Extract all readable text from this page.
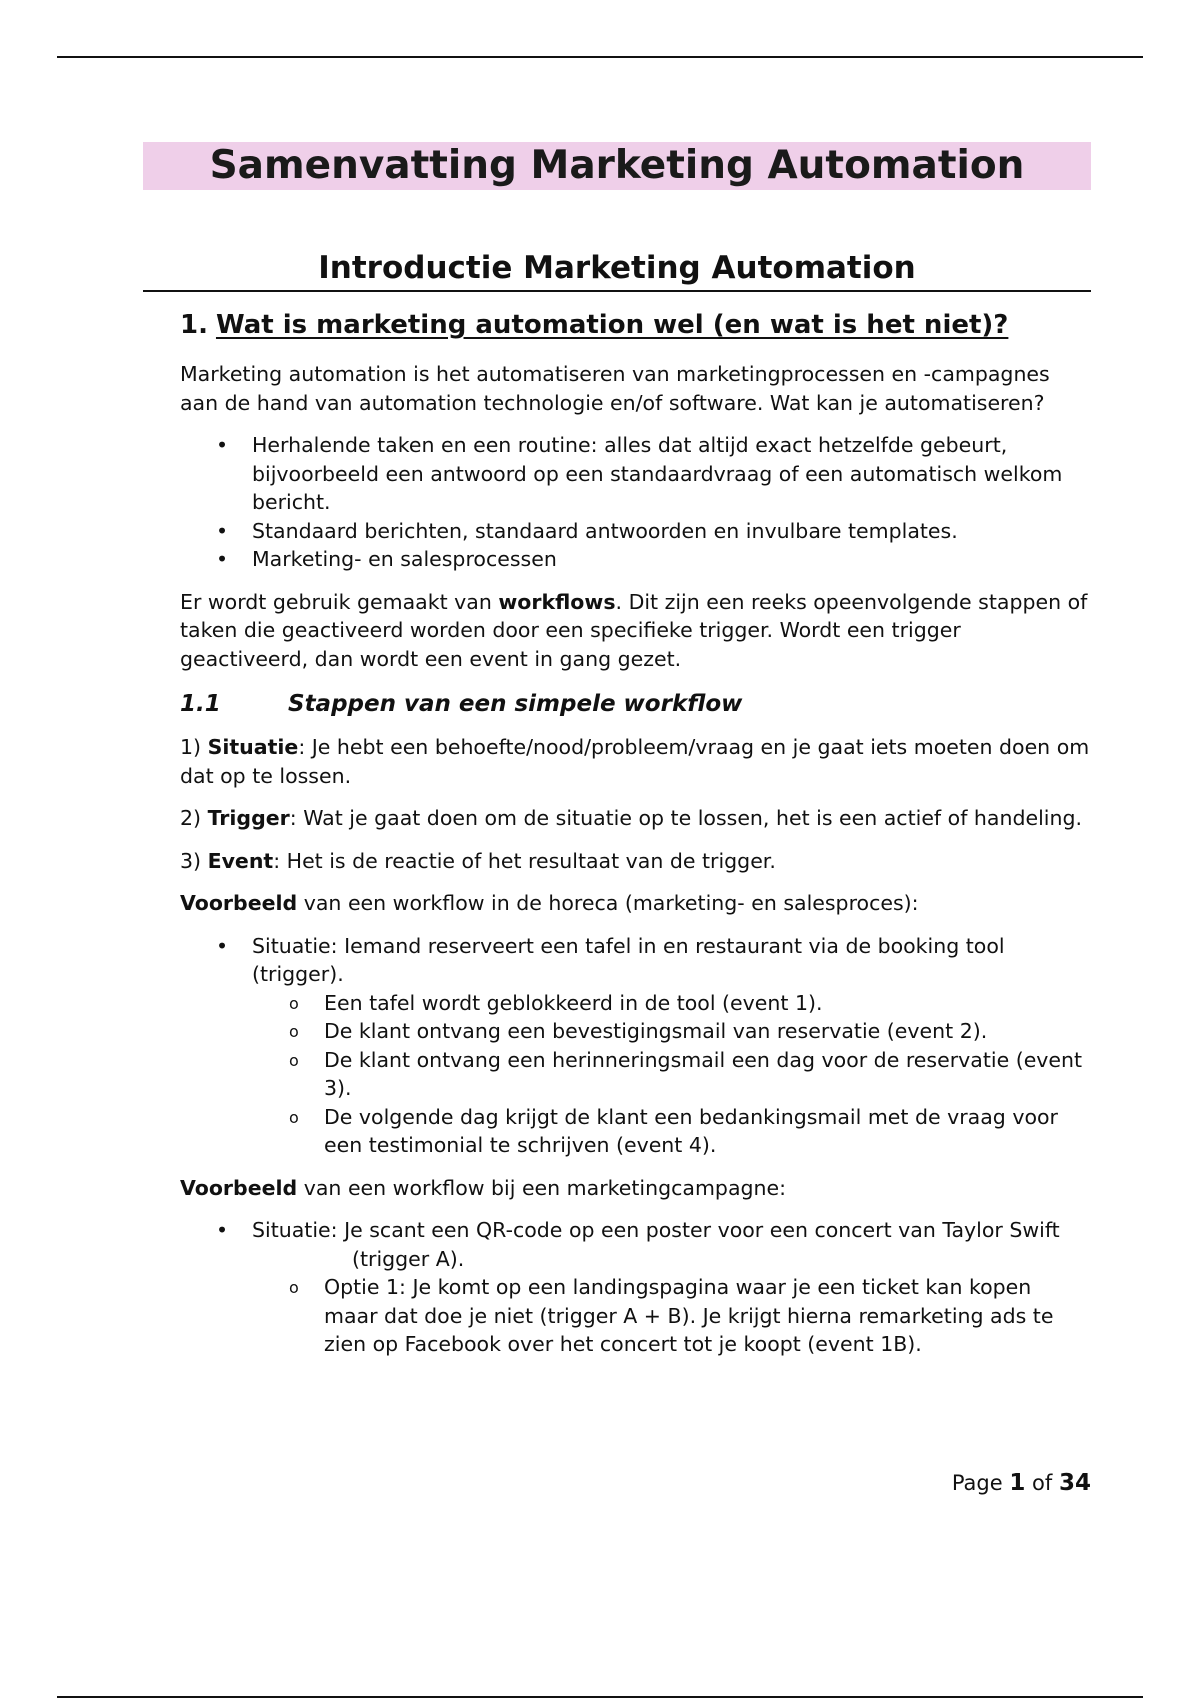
Samenvatting Marketing Automation
Introductie Marketing Automation
1. Wat is marketing automation wel (en wat is het niet)?

Marketing automation is het automatiseren van marketingprocessen en -campagnes aan de hand van automation technologie en/of software. Wat kan je automatiseren?

• Herhalende taken en een routine: alles dat altijd exact hetzelfde gebeurt, bijvoorbeeld een antwoord op een standaardvraag of een automatisch welkom bericht.
• Standaard berichten, standaard antwoorden en invulbare templates.
• Marketing- en salesprocessen

Er wordt gebruik gemaakt van workflows. Dit zijn een reeks opeenvolgende stappen of taken die geactiveerd worden door een specifieke trigger. Wordt een trigger geactiveerd, dan wordt een event in gang gezet.

1.1	Stappen van een simpele workflow

1) Situatie: Je hebt een behoefte/nood/probleem/vraag en je gaat iets moeten doen om dat op te lossen.

2) Trigger: Wat je gaat doen om de situatie op te lossen, het is een actief of handeling.

3) Event: Het is de reactie of het resultaat van de trigger.

Voorbeeld van een workflow in de horeca (marketing- en salesproces):

• Situatie: Iemand reserveert een tafel in en restaurant via de booking tool (trigger).
o Een tafel wordt geblokkeerd in de tool (event 1).
o De klant ontvang een bevestigingsmail van reservatie (event 2).
o De klant ontvang een herinneringsmail een dag voor de reservatie (event 3).
o De volgende dag krijgt de klant een bedankingsmail met de vraag voor een testimonial te schrijven (event 4).

Voorbeeld van een workflow bij een marketingcampagne:

• Situatie: Je scant een QR-code op een poster voor een concert van Taylor Swift(trigger A).
o Optie 1: Je komt op een landingspagina waar je een ticket kan kopen maar dat doe je niet (trigger A + B). Je krijgt hierna remarketing ads te zien op Facebook over het concert tot je koopt (event 1B).
Page 1 of 34
